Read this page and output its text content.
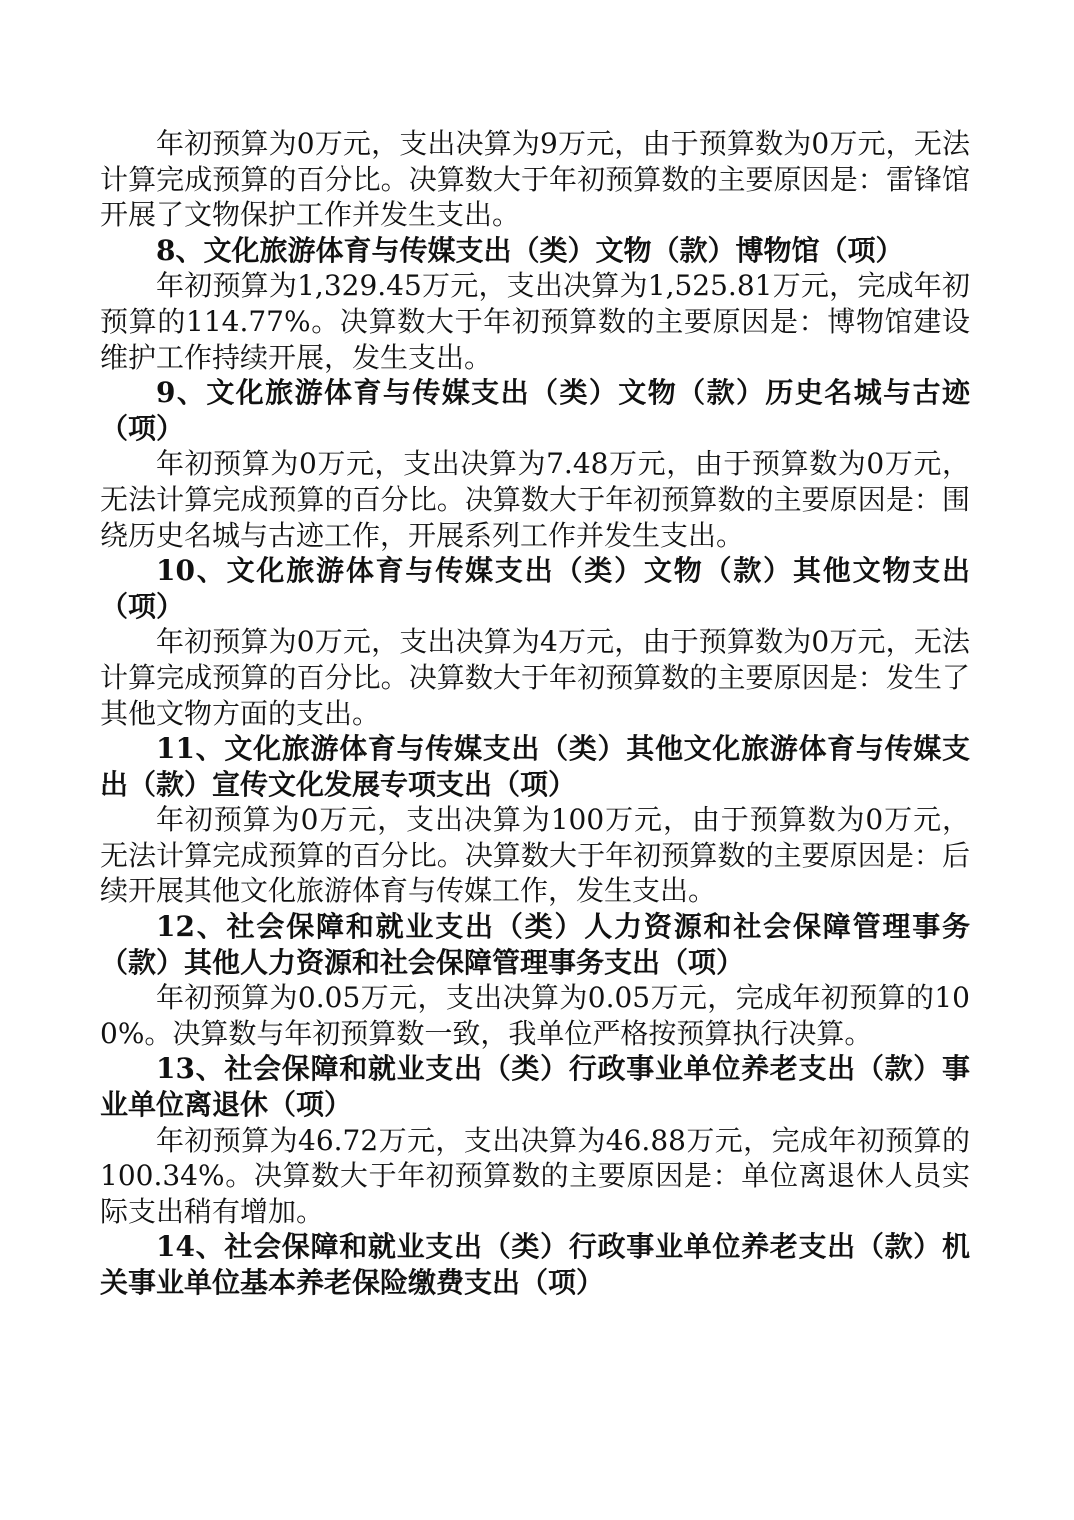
年初预算为0万元，支出决算为9万元，由于预算数为0万元，无法计算完成预算的百分比。决算数大于年初预算数的主要原因是：雷锋馆开展了文物保护工作并发生支出。

8、文化旅游体育与传媒支出（类）文物（款）博物馆（项）

年初预算为1,329.45万元，支出决算为1,525.81万元，完成年初预算的114.77%。决算数大于年初预算数的主要原因是：博物馆建设维护工作持续开展，发生支出。

9、文化旅游体育与传媒支出（类）文物（款）历史名城与古迹（项）

年初预算为0万元，支出决算为7.48万元，由于预算数为0万元，无法计算完成预算的百分比。决算数大于年初预算数的主要原因是：围绕历史名城与古迹工作，开展系列工作并发生支出。

10、文化旅游体育与传媒支出（类）文物（款）其他文物支出（项）

年初预算为0万元，支出决算为4万元，由于预算数为0万元，无法计算完成预算的百分比。决算数大于年初预算数的主要原因是：发生了其他文物方面的支出。

11、文化旅游体育与传媒支出（类）其他文化旅游体育与传媒支出（款）宣传文化发展专项支出（项）

年初预算为0万元，支出决算为100万元，由于预算数为0万元，无法计算完成预算的百分比。决算数大于年初预算数的主要原因是：后续开展其他文化旅游体育与传媒工作，发生支出。

12、社会保障和就业支出（类）人力资源和社会保障管理事务（款）其他人力资源和社会保障管理事务支出（项）

年初预算为0.05万元，支出决算为0.05万元，完成年初预算的100%。决算数与年初预算数一致，我单位严格按预算执行决算。

13、社会保障和就业支出（类）行政事业单位养老支出（款）事业单位离退休（项）

年初预算为46.72万元，支出决算为46.88万元，完成年初预算的100.34%。决算数大于年初预算数的主要原因是：单位离退休人员实际支出稍有增加。

14、社会保障和就业支出（类）行政事业单位养老支出（款）机关事业单位基本养老保险缴费支出（项）
